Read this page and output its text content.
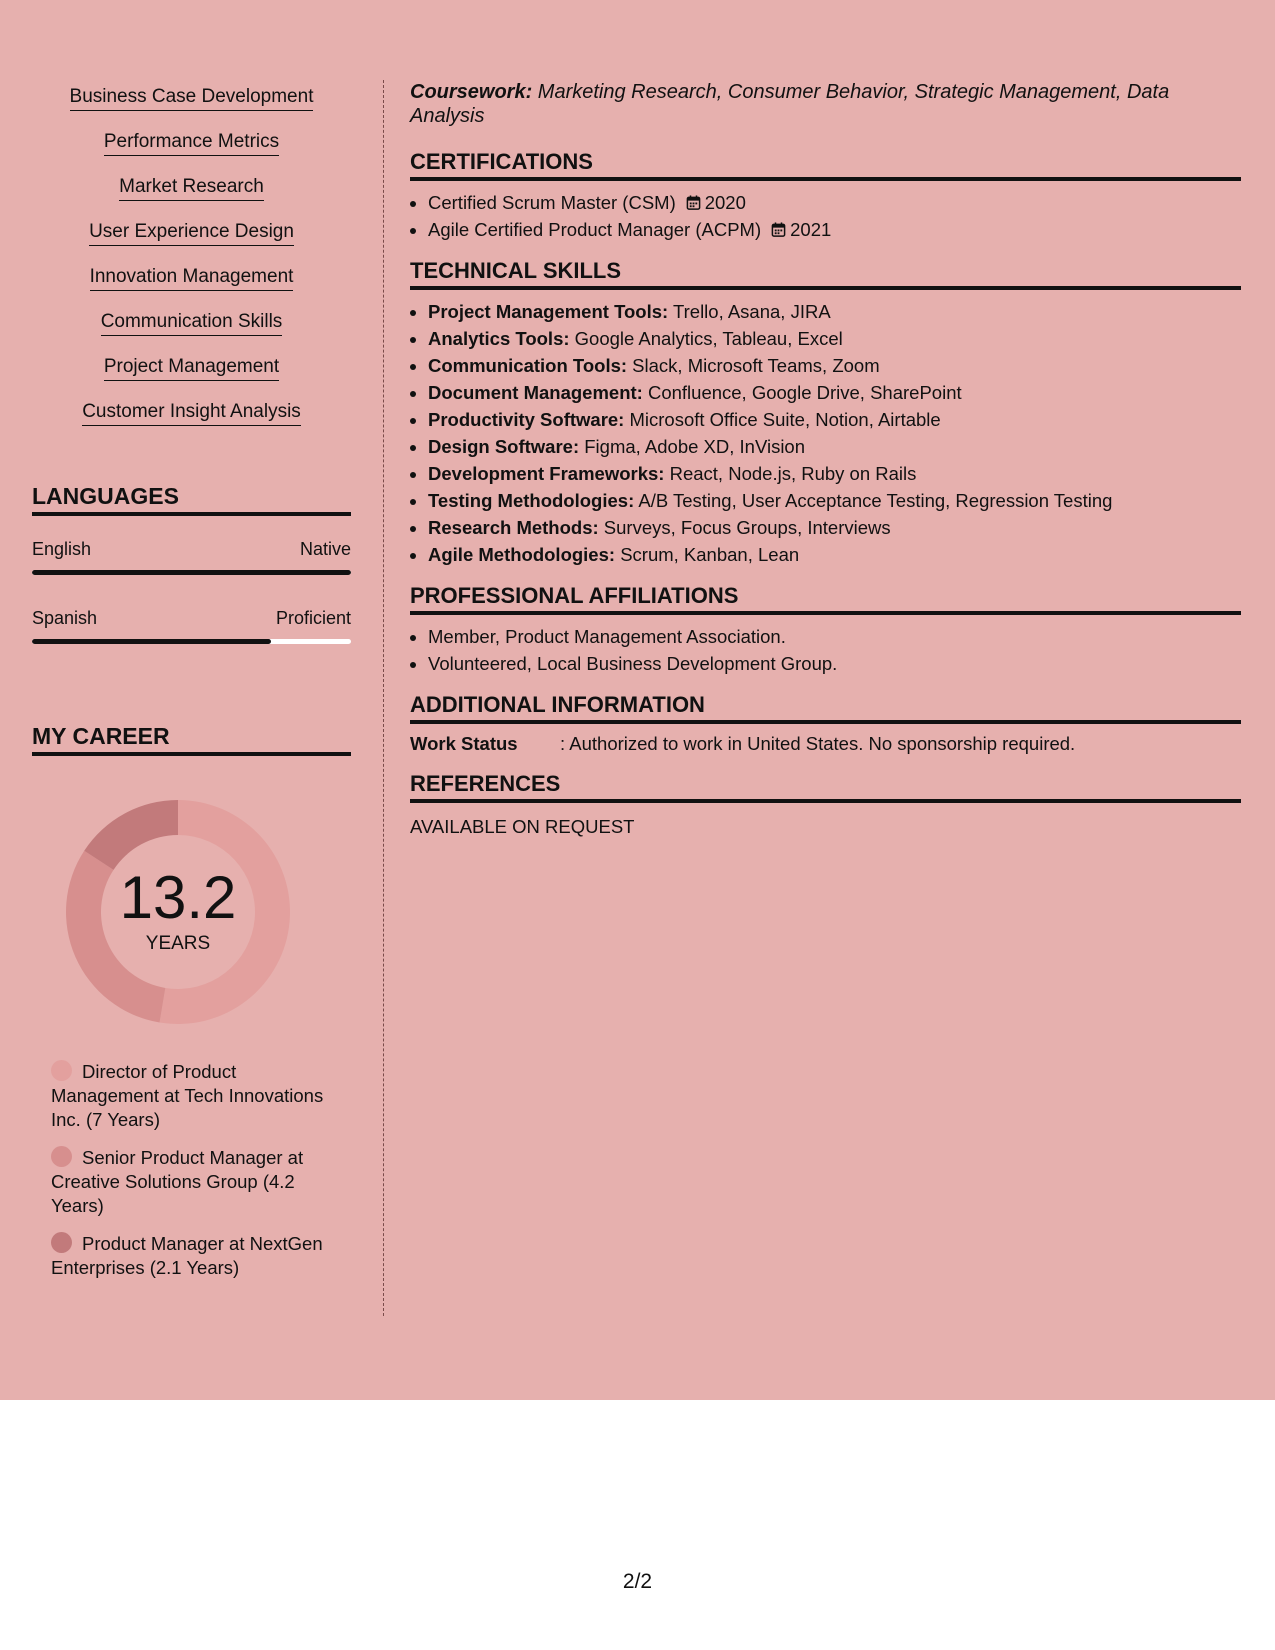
Business Case Development
Performance Metrics
Market Research
User Experience Design
Innovation Management
Communication Skills
Project Management
Customer Insight Analysis
LANGUAGES
English	Native
Spanish	Proficient
MY CAREER
13.2
YEARS
Director of Product Management at Tech Innovations Inc. (7 Years)
Senior Product Manager at Creative Solutions Group (4.2 Years)
Product Manager at NextGen Enterprises (2.1 Years)

Coursework: Marketing Research, Consumer Behavior, Strategic Management, Data Analysis

CERTIFICATIONS
• Certified Scrum Master (CSM) 2020
• Agile Certified Product Manager (ACPM) 2021
TECHNICAL SKILLS
• Project Management Tools: Trello, Asana, JIRA
• Analytics Tools: Google Analytics, Tableau, Excel
• Communication Tools: Slack, Microsoft Teams, Zoom
• Document Management: Confluence, Google Drive, SharePoint
• Productivity Software: Microsoft Office Suite, Notion, Airtable
• Design Software: Figma, Adobe XD, InVision
• Development Frameworks: React, Node.js, Ruby on Rails
• Testing Methodologies: A/B Testing, User Acceptance Testing, Regression Testing
• Research Methods: Surveys, Focus Groups, Interviews
• Agile Methodologies: Scrum, Kanban, Lean
PROFESSIONAL AFFILIATIONS
• Member, Product Management Association.
• Volunteered, Local Business Development Group.
ADDITIONAL INFORMATION
Work Status	: Authorized to work in United States. No sponsorship required.
REFERENCES

AVAILABLE ON REQUEST

2/2
